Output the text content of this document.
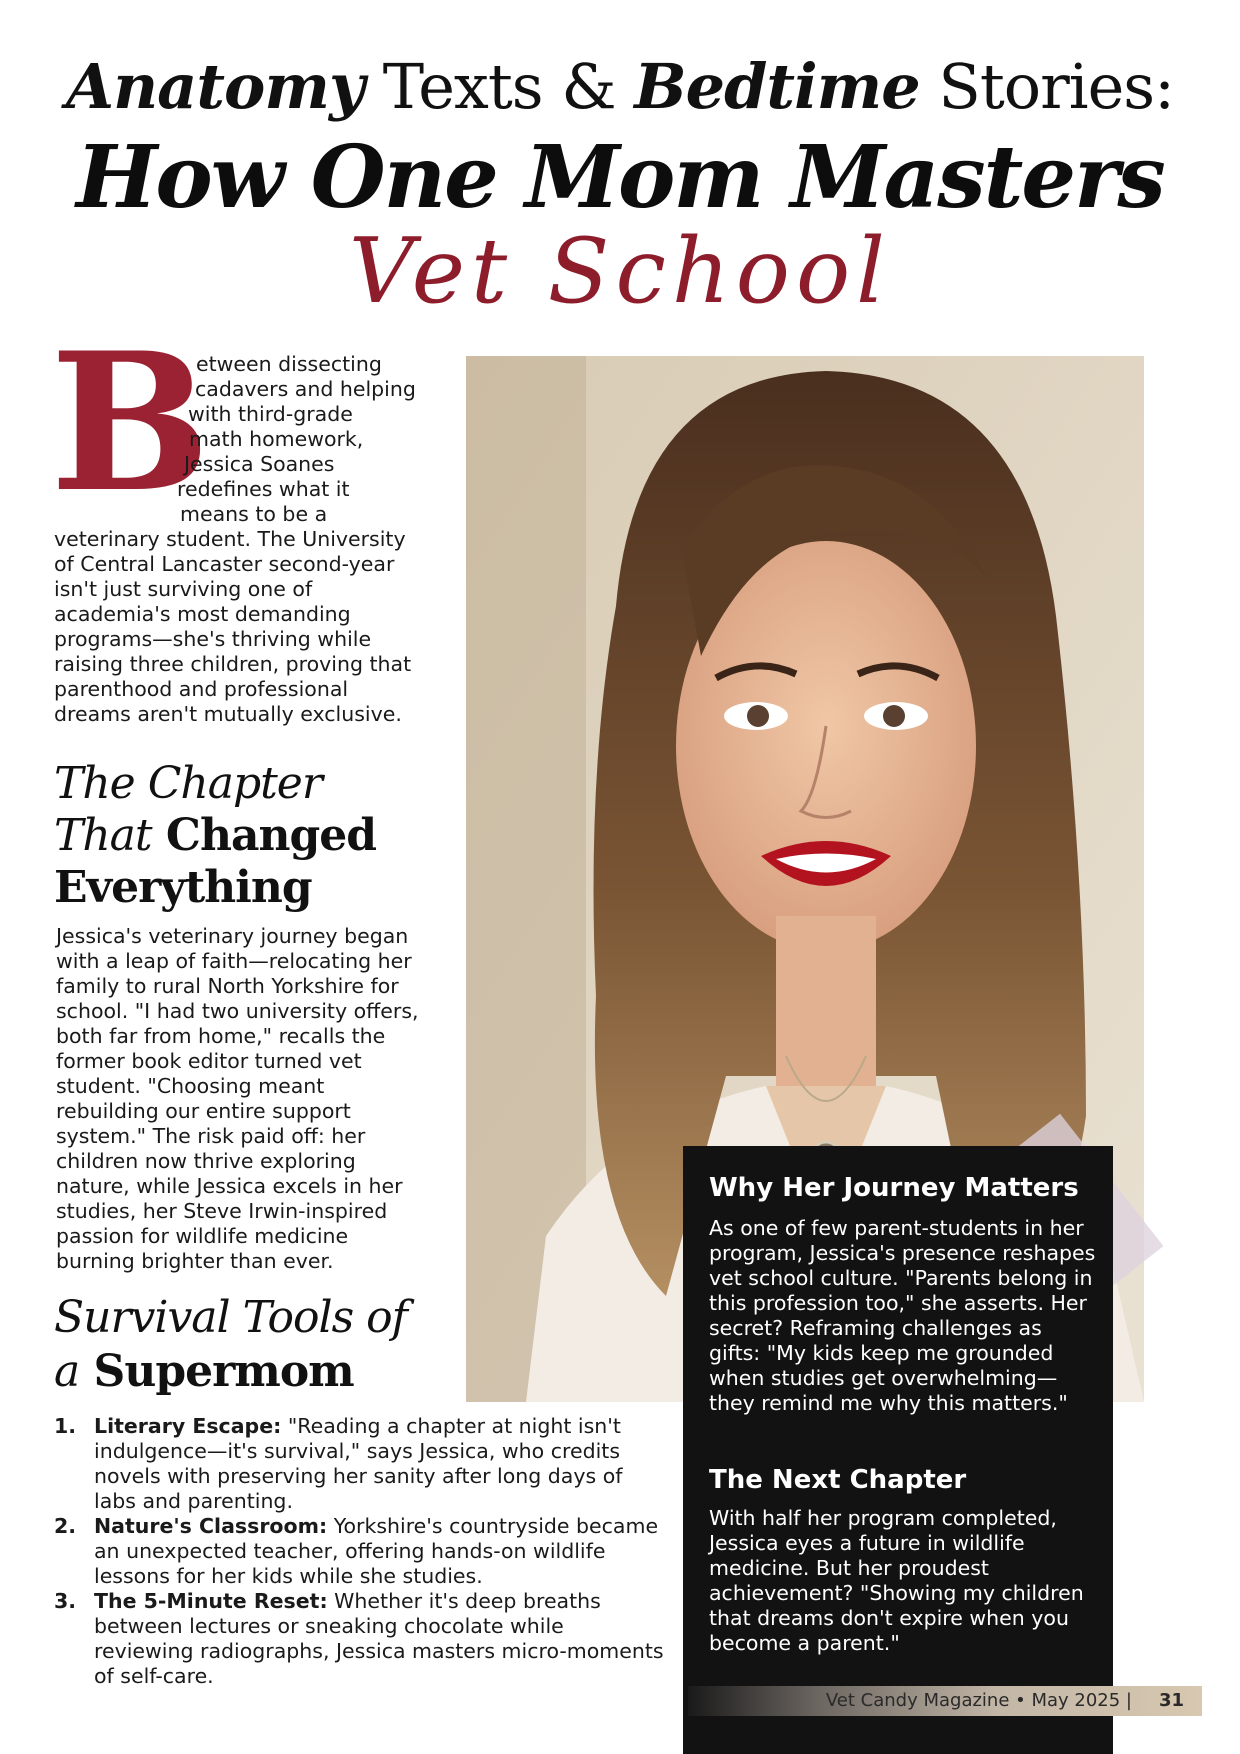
Anatomy Texts & Bedtime Stories:
How One Mom Masters
Vet School
B

etween dissecting

cadavers and helping

with third-grade

math homework,

Jessica Soanes

redefines what it

means to be a

veterinary student. The University of Central Lancaster second-year isn't just surviving one of academia's most demanding programs—she's thriving while raising three children, proving that parenthood and professional dreams aren't mutually exclusive.

The Chapter
That Changed
Everything
Jessica's veterinary journey began with a leap of faith—relocating her family to rural North Yorkshire for school. "I had two university offers, both far from home," recalls the former book editor turned vet student. "Choosing meant rebuilding our entire support system." The risk paid off: her children now thrive exploring nature, while Jessica excels in her studies, her Steve Irwin-inspired passion for wildlife medicine burning brighter than ever.
Survival Tools of
a Supermom
1. Literary Escape: "Reading a chapter at night isn't indulgence—it's survival," says Jessica, who credits novels with preserving her sanity after long days of labs and parenting.
2. Nature's Classroom: Yorkshire's countryside became an unexpected teacher, offering hands-on wildlife lessons for her kids while she studies.
3. The 5-Minute Reset: Whether it's deep breaths between lectures or sneaking chocolate while reviewing radiographs, Jessica masters micro-moments of self-care.
Why Her Journey Matters
As one of few parent-students in her program, Jessica's presence reshapes vet school culture. "Parents belong in this profession too," she asserts. Her secret? Reframing challenges as gifts: "My kids keep me grounded when studies get overwhelming—they remind me why this matters."
The Next Chapter
With half her program completed, Jessica eyes a future in wildlife medicine. But her proudest achievement? "Showing my children that dreams don't expire when you become a parent."
Vet Candy Magazine • May 2025 | 31
